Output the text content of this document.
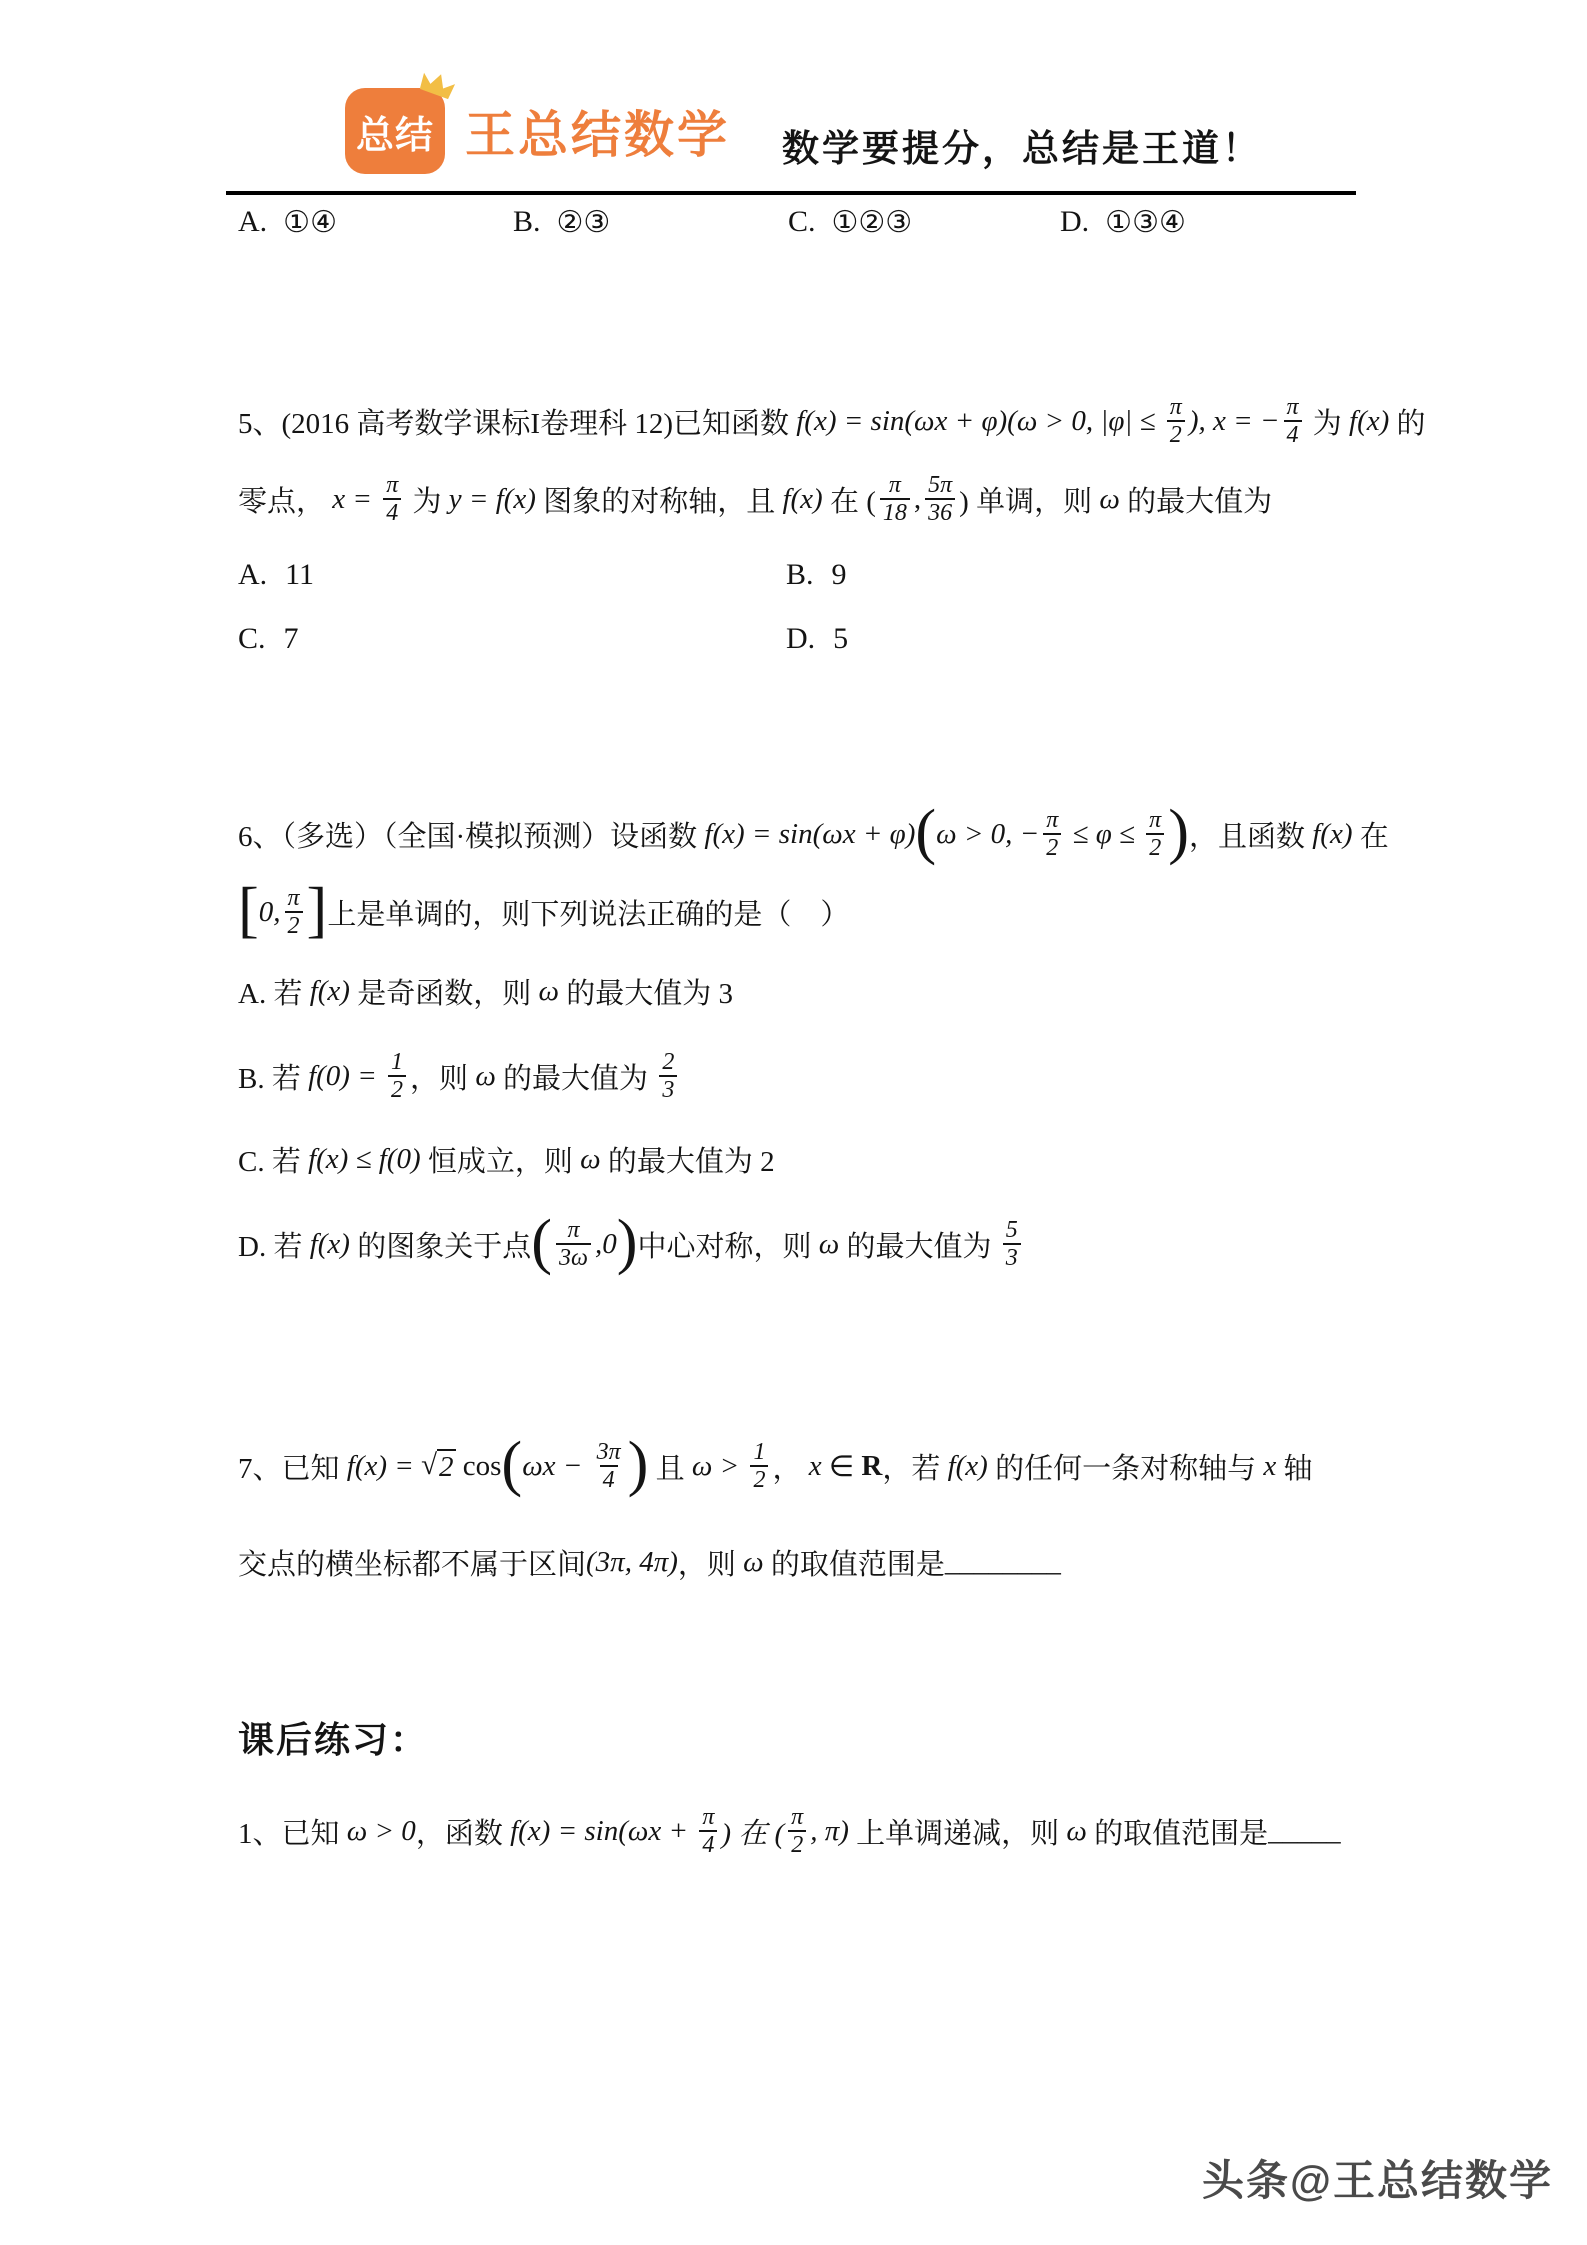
总结 王总结数学 数学要提分，总结是王道！
A. ①④	B. ②③	C. ①②③	D. ①③④
5、(2016 高考数学课标I卷理科 12)已知函数 f(x) = sin(ωx + φ)(ω > 0, $|\varphi| \le \frac{\pi}{2}$ ), x = − $\frac{\pi}{4}$ 为 f(x) 的
零点， $x = \frac{\pi}{4}$ 为 y = f(x) 图象的对称轴，且 f(x) 在 ( $\frac{\pi}{18}$ , $\frac{5\pi}{36}$ ) 单调，则 ω 的最大值为
A. 11	B. 9
C. 7	D. 5
6、（多选）（全国·模拟预测）设函数 f(x) = sin(ωx + φ) ( ω > 0, − $\frac{\pi}{2} \le \varphi \le \frac{\pi}{2}$ ) ，且函数 f(x) 在
[ 0, $\frac{\pi}{2}$ ] 上是单调的，则下列说法正确的是（　）
A. 若 f(x) 是奇函数，则 ω 的最大值为 3
B. 若 $f(0) = \frac{1}{2}$ ，则 ω 的最大值为 $\frac{2}{3}$
C. 若 f(x) ≤ f(0) 恒成立，则 ω 的最大值为 2
D. 若 f(x) 的图象关于点 ( $\frac{\pi}{3\omega} ,0$ ) 中心对称，则 ω 的最大值为 $\frac{5}{3}$
7、已知 f(x) = √ 2 cos ( $\omega x - \frac{3\pi}{4}$ ) 且 $\omega > \frac{1}{2}$ ， x ∈ R ，若 f(x) 的任何一条对称轴与 x 轴
交点的横坐标都不属于区间 (3π, 4π) ，则 ω 的取值范围是 ________
课后练习：
1、已知 ω > 0 ，函数 $f(x) = \sin(\omega x + \frac{\pi}{4}$ ) 在 ( $\frac{\pi}{2}$ , π) 上单调递减，则 ω 的取值范围是 _____
头条@王总结数学
